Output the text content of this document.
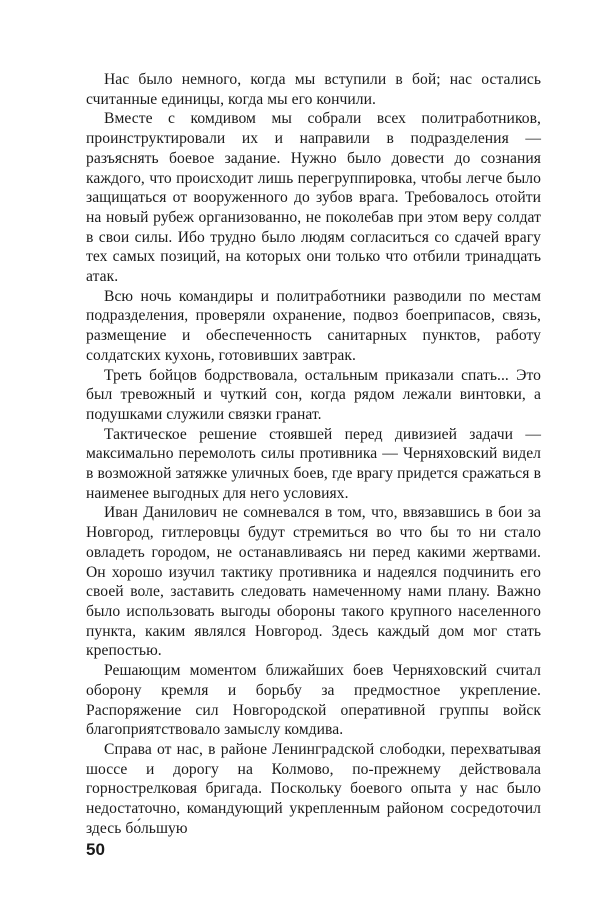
Нас было немного, когда мы вступили в бой; нас остались считанные единицы, когда мы его кончили.

Вместе с комдивом мы собрали всех политработников, проинструктировали их и направили в подразделения — разъяснять боевое задание. Нужно было довести до сознания каждого, что происходит лишь перегруппировка, чтобы легче было защищаться от вооруженного до зубов врага. Требовалось отойти на новый рубеж организованно, не поколебав при этом веру солдат в свои силы. Ибо трудно было людям согласиться со сдачей врагу тех самых позиций, на которых они только что отбили тринадцать атак.

Всю ночь командиры и политработники разводили по местам подразделения, проверяли охранение, подвоз боеприпасов, связь, размещение и обеспеченность санитарных пунктов, работу солдатских кухонь, готовивших завтрак.

Треть бойцов бодрствовала, остальным приказали спать... Это был тревожный и чуткий сон, когда рядом лежали винтовки, а подушками служили связки гранат.

Тактическое решение стоявшей перед дивизией задачи — максимально перемолоть силы противника — Черняховский видел в возможной затяжке уличных боев, где врагу придется сражаться в наименее выгодных для него условиях.

Иван Данилович не сомневался в том, что, ввязавшись в бои за Новгород, гитлеровцы будут стремиться во что бы то ни стало овладеть городом, не останавливаясь ни перед какими жертвами. Он хорошо изучил тактику противника и надеялся подчинить его своей воле, заставить следовать намеченному нами плану. Важно было использовать выгоды обороны такого крупного населенного пункта, каким являлся Новгород. Здесь каждый дом мог стать крепостью.

Решающим моментом ближайших боев Черняховский считал оборону кремля и борьбу за предмостное укрепление. Распоряжение сил Новгородской оперативной группы войск благоприятствовало замыслу комдива.

Справа от нас, в районе Ленинградской слободки, перехватывая шоссе и дорогу на Колмово, по-прежнему действовала горнострелковая бригада. Поскольку боевого опыта у нас было недостаточно, командующий укрепленным районом сосредоточил здесь бо́льшую

50
